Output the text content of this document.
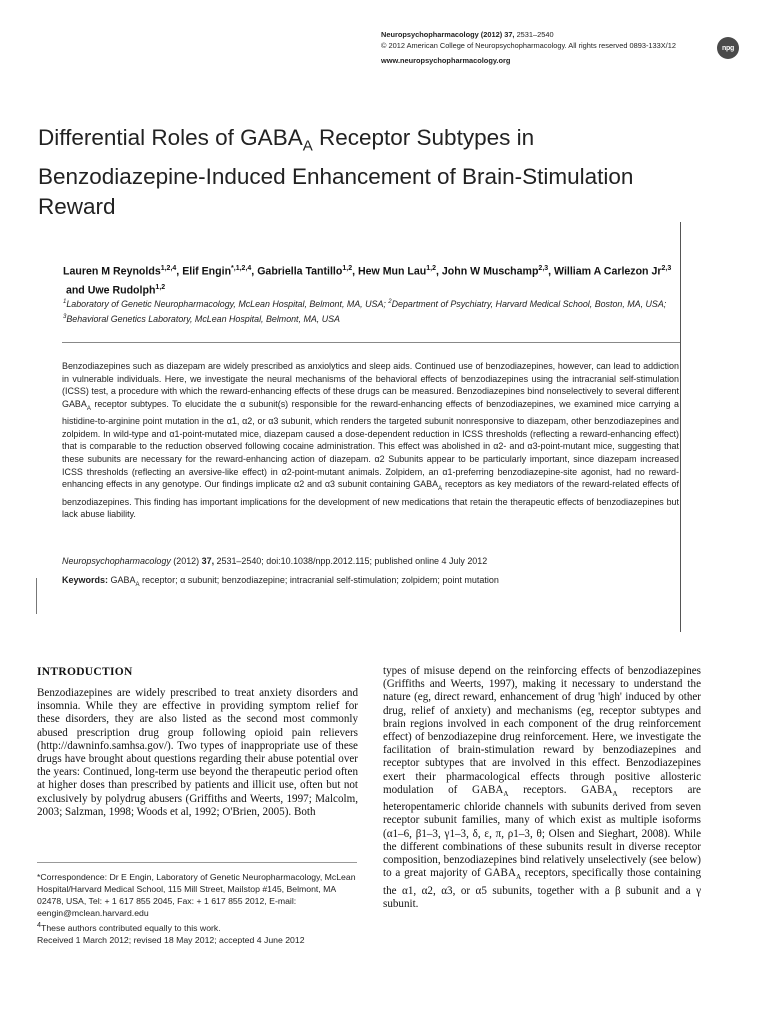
Neuropsychopharmacology (2012) 37, 2531–2540
© 2012 American College of Neuropsychopharmacology. All rights reserved 0893-133X/12
www.neuropsychopharmacology.org
npg
Differential Roles of $GABA_A$ Receptor Subtypes in Benzodiazepine-Induced Enhancement of Brain-Stimulation Reward
Lauren M Reynolds$^{1,2,4}$, Elif Engin$^{*,1,2,4}$, Gabriella Tantillo$^{1,2}$, Hew Mun Lau$^{1,2}$, John W Muschamp$^{2,3}$, William A Carlezon Jr$^{2,3}$ and Uwe Rudolph$^{1,2}$
$^1$Laboratory of Genetic Neuropharmacology, McLean Hospital, Belmont, MA, USA; $^2$Department of Psychiatry, Harvard Medical School, Boston, MA, USA; $^3$Behavioral Genetics Laboratory, McLean Hospital, Belmont, MA, USA

Benzodiazepines such as diazepam are widely prescribed as anxiolytics and sleep aids. Continued use of benzodiazepines, however, can lead to addiction in vulnerable individuals. Here, we investigate the neural mechanisms of the behavioral effects of benzodiazepines using the intracranial self-stimulation (ICSS) test, a procedure with which the reward-enhancing effects of these drugs can be measured. Benzodiazepines bind nonselectively to several different $GABA_A$ receptor subtypes. To elucidate the α subunit(s) responsible for the reward-enhancing effects of benzodiazepines, we examined mice carrying a histidine-to-arginine point mutation in the α1, α2, or α3 subunit, which renders the targeted subunit nonresponsive to diazepam, other benzodiazepines and zolpidem. In wild-type and α1-point-mutated mice, diazepam caused a dose-dependent reduction in ICSS thresholds (reflecting a reward-enhancing effect) that is comparable to the reduction observed following cocaine administration. This effect was abolished in α2- and α3-point-mutant mice, suggesting that these subunits are necessary for the reward-enhancing action of diazepam. α2 Subunits appear to be particularly important, since diazepam increased ICSS thresholds (reflecting an aversive-like effect) in α2-point-mutant animals. Zolpidem, an α1-preferring benzodiazepine-site agonist, had no reward-enhancing effects in any genotype. Our findings implicate α2 and α3 subunit containing $GABA_A$ receptors as key mediators of the reward-related effects of benzodiazepines. This finding has important implications for the development of new medications that retain the therapeutic effects of benzodiazepines but lack abuse liability.

Neuropsychopharmacology (2012) 37, 2531–2540; doi:10.1038/npp.2012.115; published online 4 July 2012
Keywords: $GABA_A$ receptor; α subunit; benzodiazepine; intracranial self-stimulation; zolpidem; point mutation
INTRODUCTION

Benzodiazepines are widely prescribed to treat anxiety disorders and insomnia. While they are effective in providing symptom relief for these disorders, they are also listed as the second most commonly abused prescription drug group following opioid pain relievers (http://dawninfo.samhsa.gov/). Two types of inappropriate use of these drugs have brought about questions regarding their abuse potential over the years: Continued, long-term use beyond the therapeutic period often at higher doses than prescribed by patients and illicit use, often but not exclusively by polydrug abusers (Griffiths and Weerts, 1997; Malcolm, 2003; Salzman, 1998; Woods et al, 1992; O'Brien, 2005). Both

types of misuse depend on the reinforcing effects of benzodiazepines (Griffiths and Weerts, 1997), making it necessary to understand the nature (eg, direct reward, enhancement of drug 'high' induced by other drug, relief of anxiety) and mechanisms (eg, receptor subtypes and brain regions involved in each component of the drug reinforcement effect) of benzodiazepine drug reinforcement. Here, we investigate the facilitation of brain-stimulation reward by benzodiazepines and receptor subtypes that are involved in this effect. Benzodiazepines exert their pharmacological effects through positive allosteric modulation of $GABA_A$ receptors. $GABA_A$ receptors are heteropentameric chloride channels with subunits derived from seven receptor subunit families, many of which exist as multiple isoforms (α1–6, β1–3, γ1–3, δ, ε, π, ρ1–3, θ; Olsen and Sieghart, 2008). While the different combinations of these subunits result in diverse receptor composition, benzodiazepines bind relatively unselectively (see below) to a great majority of $GABA_A$ receptors, specifically those containing the α1, α2, α3, or α5 subunits, together with a β subunit and a γ subunit.

*Correspondence: Dr E Engin, Laboratory of Genetic Neuropharmacology, McLean Hospital/Harvard Medical School, 115 Mill Street, Mailstop #145, Belmont, MA 02478, USA, Tel: + 1 617 855 2045, Fax: + 1 617 855 2012, E-mail: eengin@mclean.harvard.edu

$^4$These authors contributed equally to this work.

Received 1 March 2012; revised 18 May 2012; accepted 4 June 2012
